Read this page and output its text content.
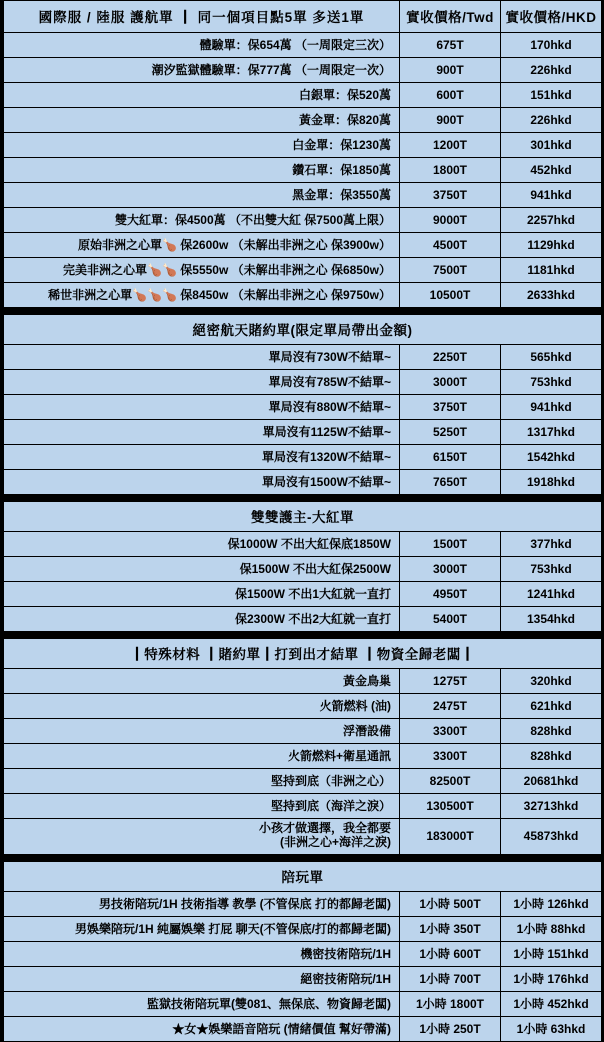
國際服 / 陸服 護航單 ┃ 同一個項目點5單 多送1單	實收價格/Twd	實收價格/HKD
體驗單：保654萬 （一周限定三次）	675T	170hkd
潮汐監獄體驗單：保777萬 （一周限定一次）	900T	226hkd
白銀單：保520萬	600T	151hkd
黃金單：保820萬	900T	226hkd
白金單：保1230萬	1200T	301hkd
鑽石單：保1850萬	1800T	452hkd
黑金單：保3550萬	3750T	941hkd
雙大紅單：保4500萬 （不出雙大紅 保7500萬上限）	9000T	2257hkd
原始非洲之心單🍗 保2600w （未解出非洲之心 保3900w）	4500T	1129hkd
完美非洲之心單🍗🍗 保5550w （未解出非洲之心 保6850w）	7500T	1181hkd
稀世非洲之心單🍗🍗🍗 保8450w （未解出非洲之心 保9750w）	10500T	2633hkd

絕密航天賭約單(限定單局帶出金額)		
單局沒有730W不結單~	2250T	565hkd
單局沒有785W不結單~	3000T	753hkd
單局沒有880W不結單~	3750T	941hkd
單局沒有1125W不結單~	5250T	1317hkd
單局沒有1320W不結單~	6150T	1542hkd
單局沒有1500W不結單~	7650T	1918hkd

雙雙護主-大紅單		
保1000W 不出大紅保底1850W	1500T	377hkd
保1500W 不出大紅保2500W	3000T	753hkd
保1500W 不出1大紅就一直打	4950T	1241hkd
保2300W 不出2大紅就一直打	5400T	1354hkd

┃特殊材料 ┃賭約單┃打到出才結單 ┃物資全歸老闆┃		
黃金鳥巢	1275T	320hkd
火箭燃料 (油)	2475T	621hkd
浮潛設備	3300T	828hkd
火箭燃料+衛星通訊	3300T	828hkd
堅持到底（非洲之心）	82500T	20681hkd
堅持到底（海洋之淚）	130500T	32713hkd
小孩才做選擇，我全都要
(非洲之心+海洋之淚)	183000T	45873hkd

陪玩單		
男技術陪玩/1H 技術指導 教學 (不管保底 打的都歸老闆)	1小時 500T	1小時 126hkd
男娛樂陪玩/1H 純屬娛樂 打屁 聊天(不管保底/打的都歸老闆)	1小時 350T	1小時 88hkd
機密技術陪玩/1H	1小時 600T	1小時 151hkd
絕密技術陪玩/1H	1小時 700T	1小時 176hkd
監獄技術陪玩單(雙081、無保底、物資歸老闆)	1小時 1800T	1小時 452hkd
★女★娛樂語音陪玩 (情緒價值 幫好帶滿)	1小時 250T	1小時 63hkd
